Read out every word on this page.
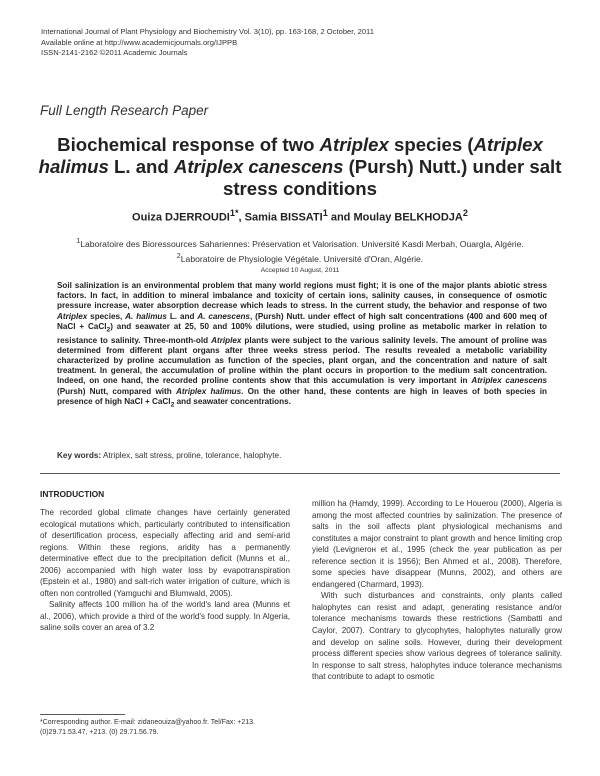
International Journal of Plant Physiology and Biochemistry Vol. 3(10), pp. 163-168, 2 October, 2011
Available online at http://www.academicjournals.org/IJPPB
ISSN-2141-2162 ©2011 Academic Journals
Full Length Research Paper
Biochemical response of two Atriplex species (Atriplex halimus L. and Atriplex canescens (Pursh) Nutt.) under salt stress conditions
Ouiza $DJERROUDI^{1*}$, Samia BISSATI$^1$ and Moulay BELKHODJA$^2$
$^1$Laboratoire des Bioressources Sahariennes: Préservation et Valorisation. Université Kasdi Merbah, Ouargla, Algérie.
$^2$Laboratoire de Physiologie Végétale. Université d'Oran, Algérie.
Accepted 10 August, 2011
Soil salinization is an environmental problem that many world regions must fight; it is one of the major plants abiotic stress factors. In fact, in addition to mineral imbalance and toxicity of certain ions, salinity causes, in consequence of osmotic pressure increase, water absorption decrease which leads to stress. In the current study, the behavior and response of two Atriplex species, A. halimus L. and A. canescens, (Pursh) Nutt. under effect of high salt concentrations (400 and 600 meq of NaCl + CaCl$_2$) and seawater at 25, 50 and 100% dilutions, were studied, using proline as metabolic marker in relation to resistance to salinity. Three-month-old Atriplex plants were subject to the various salinity levels. The amount of proline was determined from different plant organs after three weeks stress period. The results revealed a metabolic variability characterized by proline accumulation as function of the species, plant organ, and the concentration and nature of salt treatment. In general, the accumulation of proline within the plant occurs in proportion to the medium salt concentration. Indeed, on one hand, the recorded proline contents show that this accumulation is very important in Atriplex canescens (Pursh) Nutt, compared with Atriplex halimus. On the other hand, these contents are high in leaves of both species in presence of high NaCl + CaCl$_2$ and seawater concentrations.
Key words: Atriplex, salt stress, proline, tolerance, halophyte.
INTRODUCTION

The recorded global climate changes have certainly generated ecological mutations which, particularly contributed to intensification of desertification process, especially affecting arid and semi-arid regions. Within these regions, aridity has a permanently determinative effect due to the precipitation deficit (Munns et al., 2006) accompanied with high water loss by evapotranspiration (Epstein et al., 1980) and salt-rich water irrigation of culture, which is often non controlled (Yamguchi and Blumwald, 2005).

Salinity affects 100 million ha of the world's land area (Munns et al., 2006), which provide a third of the world's food supply. In Algeria, saline soils cover an area of 3.2

million ha (Hamdy, 1999). According to Le Houerou (2000), Algeria is among the most affected countries by salinization. The presence of salts in the soil affects plant physiological mechanisms and constitutes a major constraint to plant growth and hence limiting crop yield (Levignerон et al., 1995 (check the year publication as per reference section it is 1956); Ben Ahmed et al., 2008). Therefore, some species have disappear (Munns, 2002), and others are endangered (Charmard, 1993).

With such disturbances and constraints, only plants called halophytes can resist and adapt, generating resistance and/or tolerance mechanisms towards these restrictions (Sambatti and Caylor, 2007). Contrary to glycophytes, halophytes naturally grow and develop on saline soils. However, during their development process different species show various degrees of tolerance salinity. In response to salt stress, halophytes induce tolerance mechanisms that contribute to adapt to osmotic

*Corresponding author. E-mail: zidaneouiza@yahoo.fr. Tel/Fax: +213. (0)29.71.53.47, +213. (0) 29.71.56.79.
